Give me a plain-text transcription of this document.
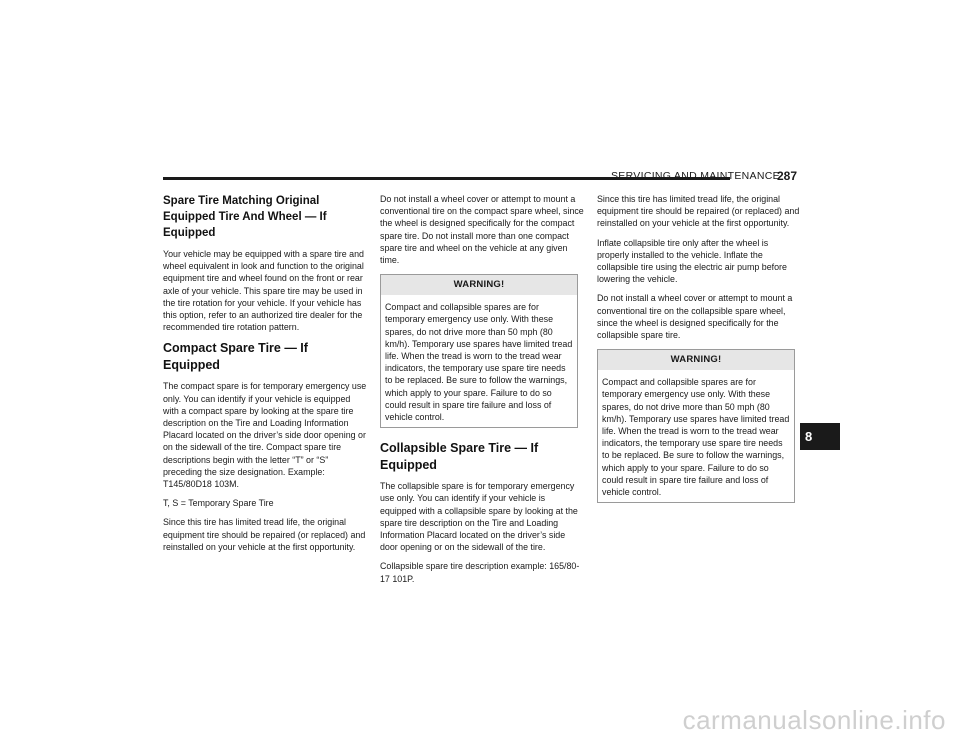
SERVICING AND MAINTENANCE
287
Spare Tire Matching Original Equipped Tire And Wheel — If Equipped

Your vehicle may be equipped with a spare tire and wheel equivalent in look and function to the original equipment tire and wheel found on the front or rear axle of your vehicle. This spare tire may be used in the tire rotation for your vehicle. If your vehicle has this option, refer to an authorized tire dealer for the recommended tire rotation pattern.

Compact Spare Tire — If Equipped

The compact spare is for temporary emergency use only. You can identify if your vehicle is equipped with a compact spare by looking at the spare tire description on the Tire and Loading Information Placard located on the driver’s side door opening or on the sidewall of the tire. Compact spare tire descriptions begin with the letter “T” or “S” preceding the size designation. Example: T145/80D18 103M.

T, S = Temporary Spare Tire

Since this tire has limited tread life, the original equipment tire should be repaired (or replaced) and reinstalled on your vehicle at the first opportunity.

Do not install a wheel cover or attempt to mount a conventional tire on the compact spare wheel, since the wheel is designed specifically for the compact spare tire. Do not install more than one compact spare tire and wheel on the vehicle at any given time.

WARNING!

Compact and collapsible spares are for temporary emergency use only. With these spares, do not drive more than 50 mph (80 km/h). Temporary use spares have limited tread life. When the tread is worn to the tread wear indicators, the temporary use spare tire needs to be replaced. Be sure to follow the warnings, which apply to your spare. Failure to do so could result in spare tire failure and loss of vehicle control.

Collapsible Spare Tire — If Equipped

The collapsible spare is for temporary emergency use only. You can identify if your vehicle is equipped with a collapsible spare by looking at the spare tire description on the Tire and Loading Information Placard located on the driver’s side door opening or on the sidewall of the tire.

Collapsible spare tire description example: 165/80-17 101P.

Since this tire has limited tread life, the original equipment tire should be repaired (or replaced) and reinstalled on your vehicle at the first opportunity.

Inflate collapsible tire only after the wheel is properly installed to the vehicle. Inflate the collapsible tire using the electric air pump before lowering the vehicle.

Do not install a wheel cover or attempt to mount a conventional tire on the collapsible spare wheel, since the wheel is designed specifically for the collapsible spare tire.

WARNING!

Compact and collapsible spares are for temporary emergency use only. With these spares, do not drive more than 50 mph (80 km/h). Temporary use spares have limited tread life. When the tread is worn to the tread wear indicators, the temporary use spare tire needs to be replaced. Be sure to follow the warnings, which apply to your spare. Failure to do so could result in spare tire failure and loss of vehicle control.

8
carmanualsonline.info
